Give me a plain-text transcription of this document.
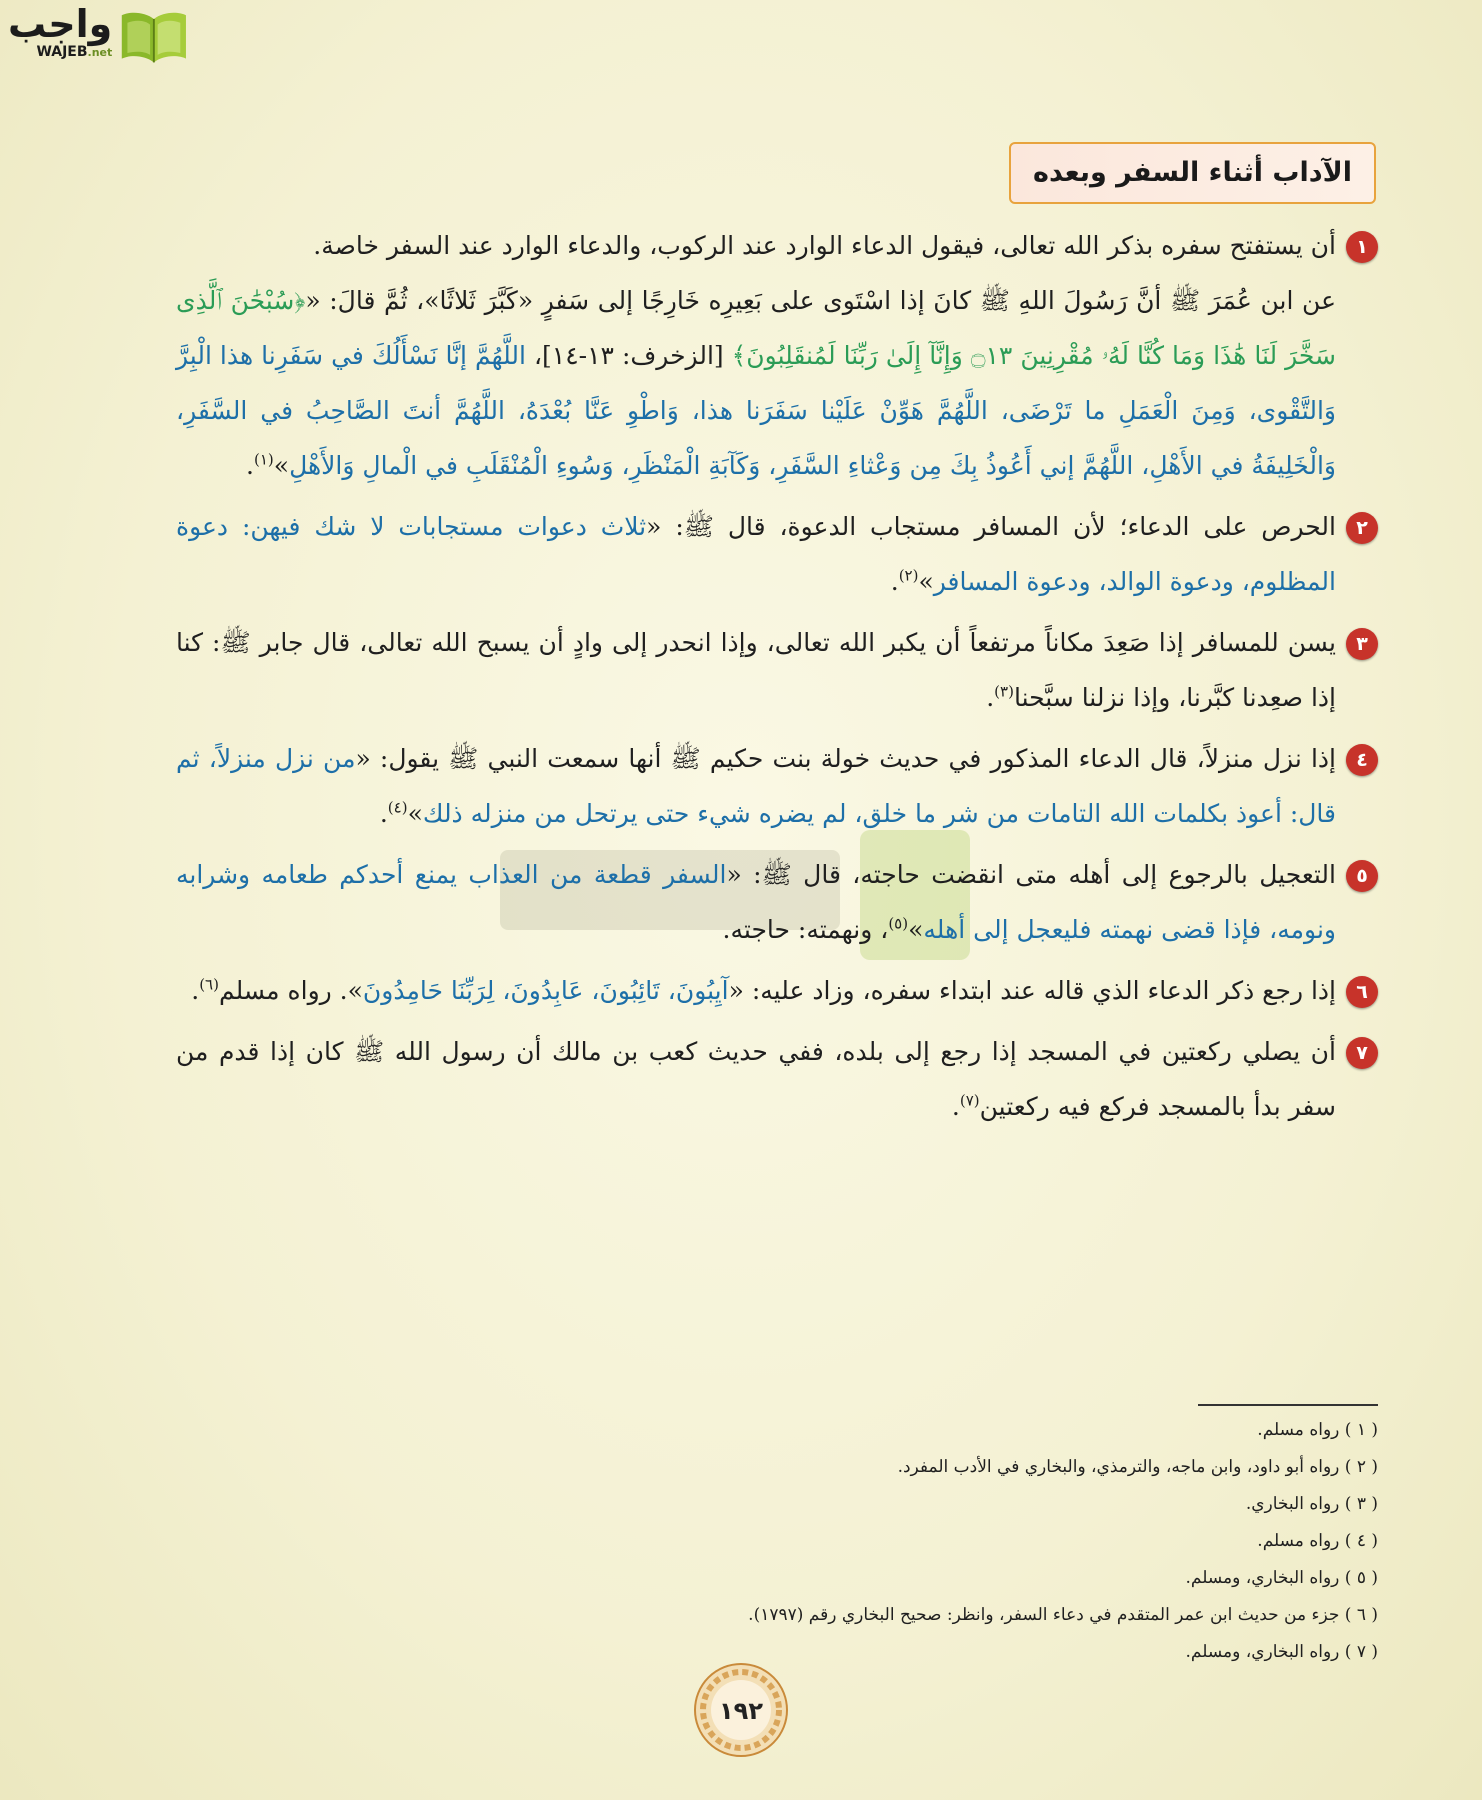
واجب
WAJEB.net
الآداب أثناء السفر وبعده
١
أن يستفتح سفره بذكر الله تعالى، فيقول الدعاء الوارد عند الركوب، والدعاء الوارد عند السفر خاصة.
عن ابن عُمَرَ ﷺ أنَّ رَسُولَ اللهِ ﷺ كانَ إذا اسْتَوى على بَعِيرِه خَارِجًا إلى سَفرٍ «كَبَّرَ ثَلاثًا»، ثُمَّ قالَ: «﴿سُبْحَٰنَ ٱلَّذِى سَخَّرَ لَنَا هَٰذَا وَمَا كُنَّا لَهُۥ مُقْرِنِينَ ۝١٣ وَإِنَّآ إِلَىٰ رَبِّنَا لَمُنقَلِبُونَ﴾ [الزخرف: ١٣-١٤]، اللَّهُمَّ إنَّا نَسْأَلُكَ في سَفَرِنا هذا الْبِرَّ وَالتَّقْوى، وَمِنَ الْعَمَلِ ما تَرْضَى، اللَّهُمَّ هَوِّنْ عَلَيْنا سَفَرَنا هذا، وَاطْوِ عَنَّا بُعْدَهُ، اللَّهُمَّ أنتَ الصَّاحِبُ في السَّفَرِ، وَالْخَلِيفَةُ في الأَهْلِ، اللَّهُمَّ إني أَعُوذُ بِكَ مِن وَعْثاءِ السَّفَرِ، وَكَآبَةِ الْمَنْظَرِ، وَسُوءِ الْمُنْقَلَبِ في الْمالِ وَالأَهْلِ»$^{(١)}$.
٢
الحرص على الدعاء؛ لأن المسافر مستجاب الدعوة، قال ﷺ: «ثلاث دعوات مستجابات لا شك فيهن: دعوة المظلوم، ودعوة الوالد، ودعوة المسافر»$^{(٢)}$.
٣
يسن للمسافر إذا صَعِدَ مكاناً مرتفعاً أن يكبر الله تعالى، وإذا انحدر إلى وادٍ أن يسبح الله تعالى، قال جابر ﷺ: كنا إذا صعِدنا كبَّرنا، وإذا نزلنا سبَّحنا$^{(٣)}$.
٤
إذا نزل منزلاً، قال الدعاء المذكور في حديث خولة بنت حكيم ﷺ أنها سمعت النبي ﷺ يقول: «من نزل منزلاً، ثم قال: أعوذ بكلمات الله التامات من شر ما خلق، لم يضره شيء حتى يرتحل من منزله ذلك»$^{(٤)}$.
٥
التعجيل بالرجوع إلى أهله متى انقضت حاجته، قال ﷺ: «السفر قطعة من العذاب يمنع أحدكم طعامه وشرابه ونومه، فإذا قضى نهمته فليعجل إلى أهله»$^{(٥)}$، ونهمته: حاجته.
٦
إذا رجع ذكر الدعاء الذي قاله عند ابتداء سفره، وزاد عليه: «آيِبُونَ، تَائِبُونَ، عَابِدُونَ، لِرَبِّنَا حَامِدُونَ». رواه مسلم$^{(٦)}$.
٧
أن يصلي ركعتين في المسجد إذا رجع إلى بلده، ففي حديث كعب بن مالك أن رسول الله ﷺ كان إذا قدم من سفر بدأ بالمسجد فركع فيه ركعتين$^{(٧)}$.
( ١ ) رواه مسلم.
( ٢ ) رواه أبو داود، وابن ماجه، والترمذي، والبخاري في الأدب المفرد.
( ٣ ) رواه البخاري.
( ٤ ) رواه مسلم.
( ٥ ) رواه البخاري، ومسلم.
( ٦ ) جزء من حديث ابن عمر المتقدم في دعاء السفر، وانظر: صحيح البخاري رقم (١٧٩٧).
( ٧ ) رواه البخاري، ومسلم.
١٩٢
